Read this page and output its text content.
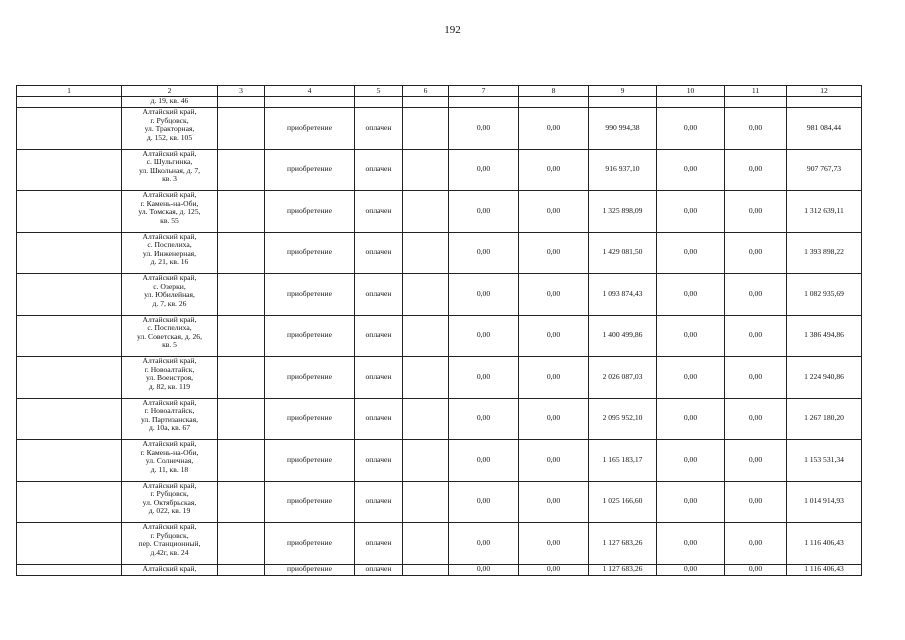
192
1	2	3	4	5	6	7	8	9	10	11	12

	д. 19, кв. 46										

	Алтайский край,
г. Рубцовск,
ул. Тракторная,
д. 152, кв. 105		приобретение	оплачен		0,00	0,00	990 994,38	0,00	0,00	981 084,44

	Алтайский край,
с. Шульгинка,
ул. Школьная, д. 7,
кв. 3		приобретение	оплачен		0,00	0,00	916 937,10	0,00	0,00	907 767,73

	Алтайский край,
г. Камень-на-Оби,
ул. Томская, д. 125,
кв. 55		приобретение	оплачен		0,00	0,00	1 325 898,09	0,00	0,00	1 312 639,11

	Алтайский край,
с. Поспелиха,
ул. Инженерная,
д. 21, кв. 16		приобретение	оплачен		0,00	0,00	1 429 081,50	0,00	0,00	1 393 898,22

	Алтайский край,
с. Озерки,
ул. Юбилейная,
д. 7, кв. 26		приобретение	оплачен		0,00	0,00	1 093 874,43	0,00	0,00	1 082 935,69

	Алтайский край,
с. Поспелиха,
ул. Советская, д. 26,
кв. 5		приобретение	оплачен		0,00	0,00	1 400 499,86	0,00	0,00	1 386 494,86

	Алтайский край,
г. Новоалтайск,
ул. Военстроя,
д. 82, кв. 119		приобретение	оплачен		0,00	0,00	2 026 087,03	0,00	0,00	1 224 940,86

	Алтайский край,
г. Новоалтайск,
ул. Партизанская,
д. 10а, кв. 67		приобретение	оплачен		0,00	0,00	2 095 952,10	0,00	0,00	1 267 180,20

	Алтайский край,
г. Камень-на-Оби,
ул. Солнечная,
д. 11, кв. 18		приобретение	оплачен		0,00	0,00	1 165 183,17	0,00	0,00	1 153 531,34

	Алтайский край,
г. Рубцовск,
ул. Октябрьская,
д. 022, кв. 19		приобретение	оплачен		0,00	0,00	1 025 166,60	0,00	0,00	1 014 914,93

	Алтайский край,
г. Рубцовск,
пер. Станционный,
д.42г, кв. 24		приобретение	оплачен		0,00	0,00	1 127 683,26	0,00	0,00	1 116 406,43

	Алтайский край,		приобретение	оплачен		0,00	0,00	1 127 683,26	0,00	0,00	1 116 406,43
